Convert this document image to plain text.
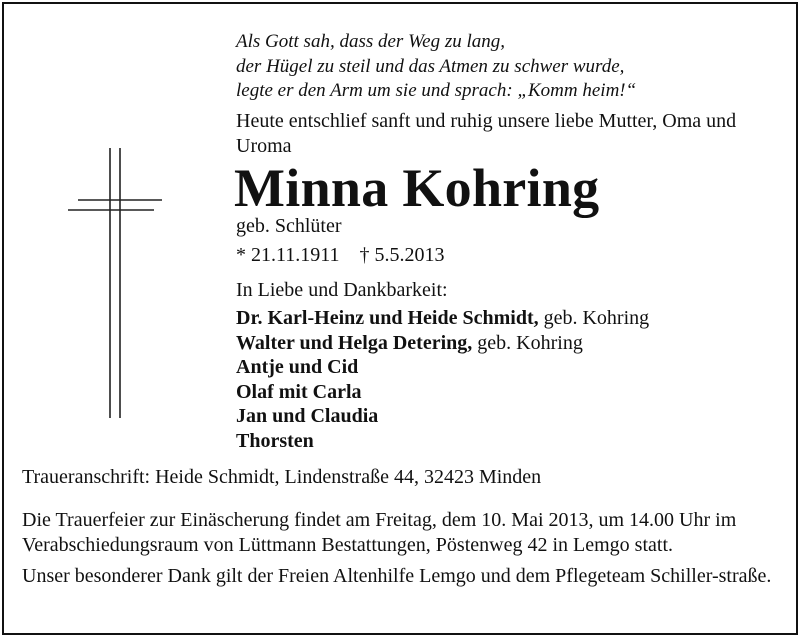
Als Gott sah, dass der Weg zu lang,
der Hügel zu steil und das Atmen zu schwer wurde,
legte er den Arm um sie und sprach: „Komm heim!“
Heute entschlief sanft und ruhig unsere liebe Mutter, Oma und Uroma
Minna Kohring
geb. Schlüter
* 21.11.1911 † 5.5.2013
In Liebe und Dankbarkeit:
Dr. Karl-Heinz und Heide Schmidt, geb. Kohring
Walter und Helga Detering, geb. Kohring
Antje und Cid
Olaf mit Carla
Jan und Claudia
Thorsten
Traueranschrift: Heide Schmidt, Lindenstraße 44, 32423 Minden
Die Trauerfeier zur Einäscherung findet am Freitag, dem 10. Mai 2013, um 14.00 Uhr im Verabschiedungsraum von Lüttmann Bestattungen, Pöstenweg 42 in Lemgo statt.
Unser besonderer Dank gilt der Freien Altenhilfe Lemgo und dem Pflegeteam Schiller-straße.
